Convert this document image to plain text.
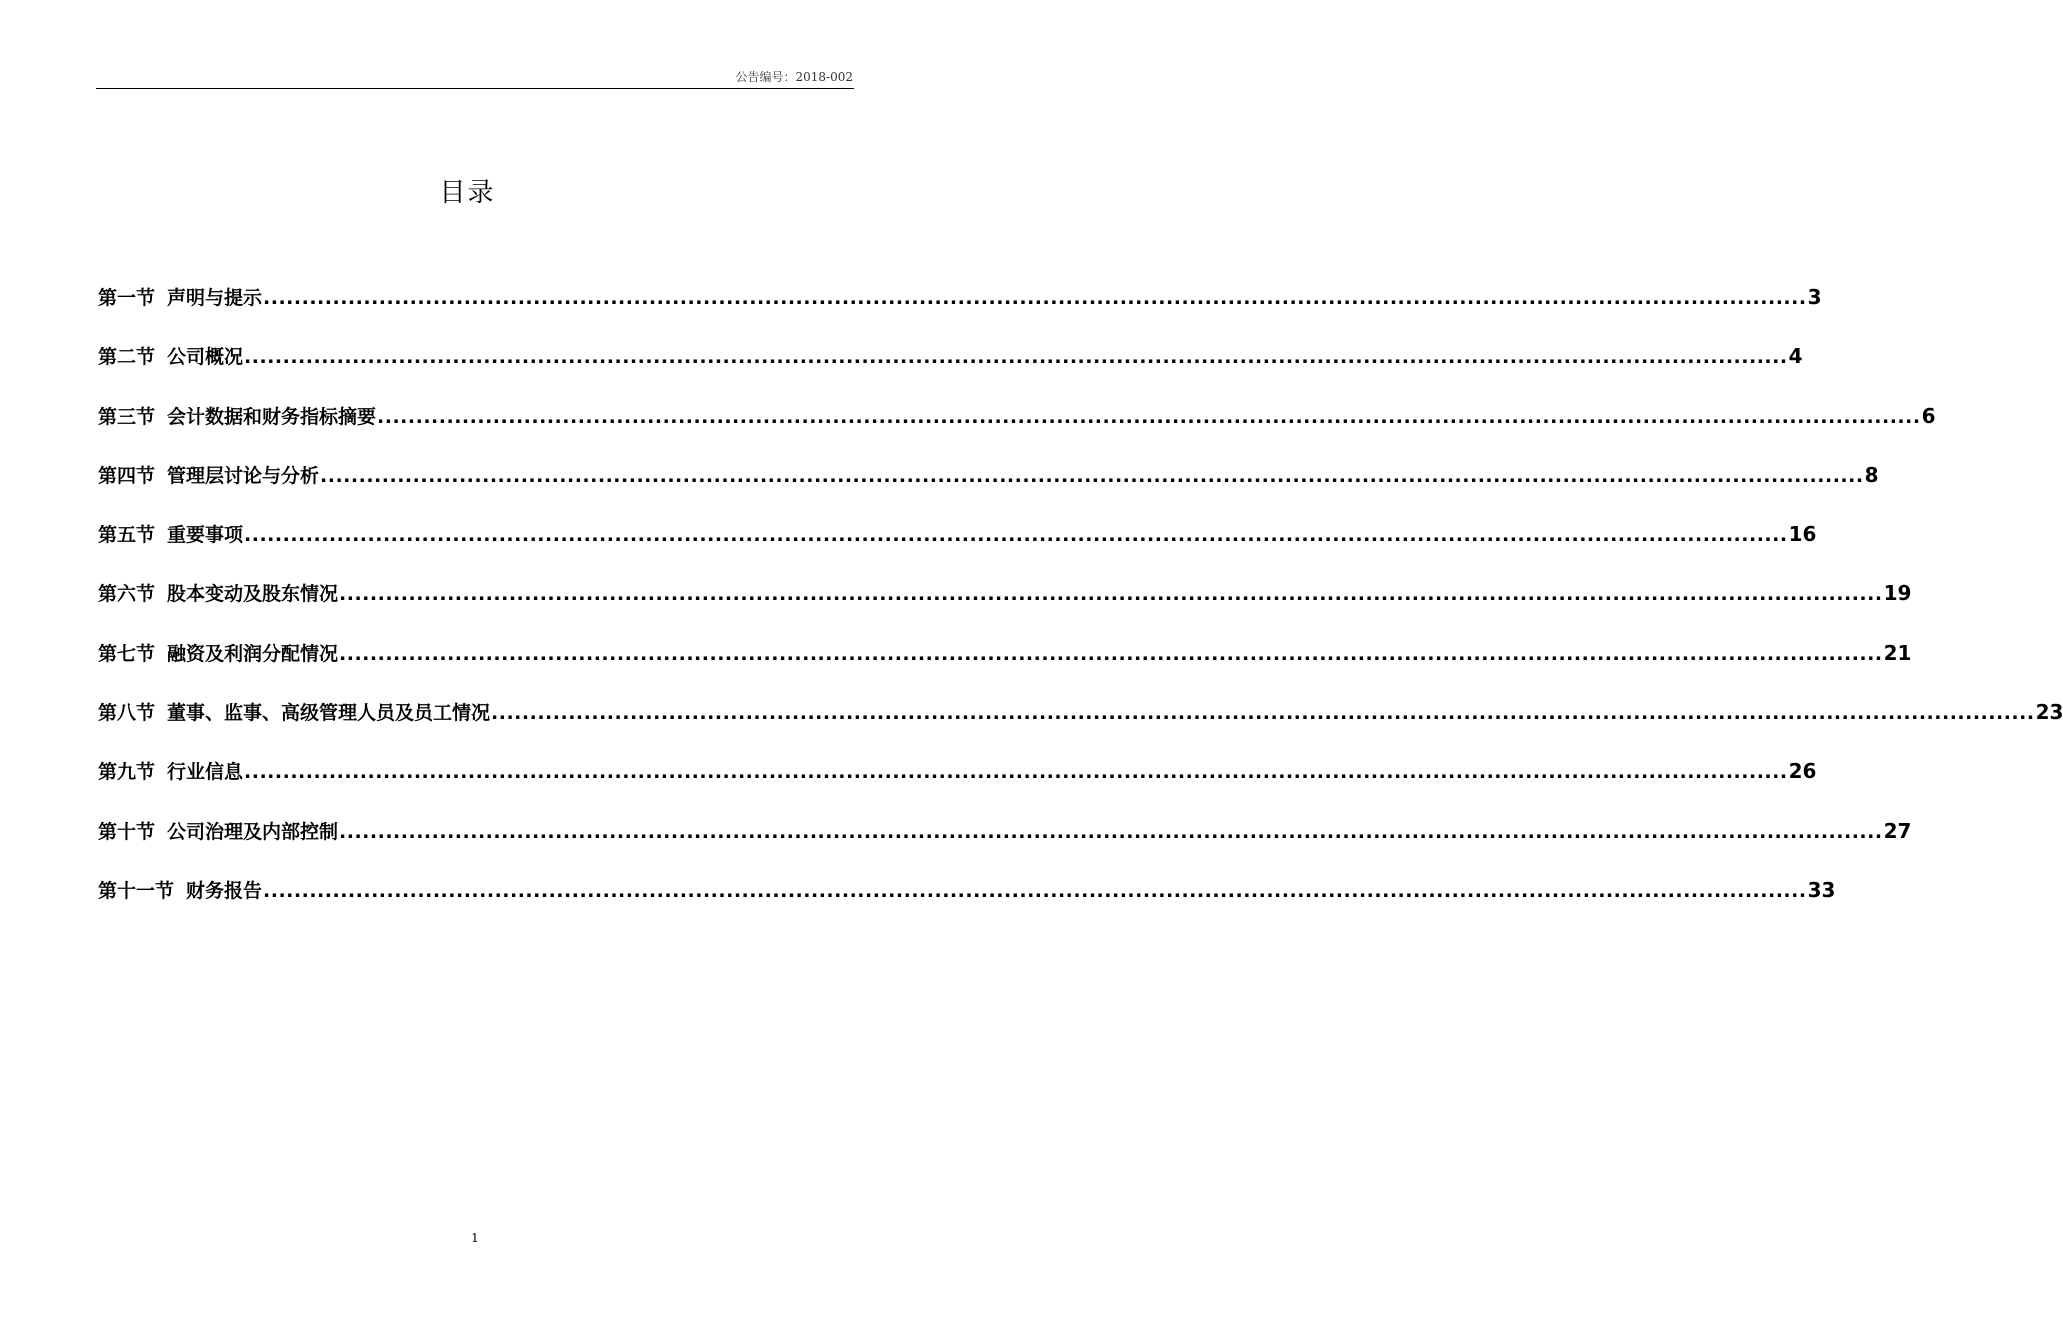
公告编号：2018-002
目录
第一节 声明与提示 ........................................................................................................................................................................................................ 3
第二节 公司概况 ........................................................................................................................................................................................................ 4
第三节 会计数据和财务指标摘要 ........................................................................................................................................................................................................ 6
第四节 管理层讨论与分析 ........................................................................................................................................................................................................ 8
第五节 重要事项 ........................................................................................................................................................................................................ 16
第六节 股本变动及股东情况 ........................................................................................................................................................................................................ 19
第七节 融资及利润分配情况 ........................................................................................................................................................................................................ 21
第八节 董事、监事、高级管理人员及员工情况 ........................................................................................................................................................................................................ 23
第九节 行业信息 ........................................................................................................................................................................................................ 26
第十节 公司治理及内部控制 ........................................................................................................................................................................................................ 27
第十一节 财务报告 ........................................................................................................................................................................................................ 33
1
